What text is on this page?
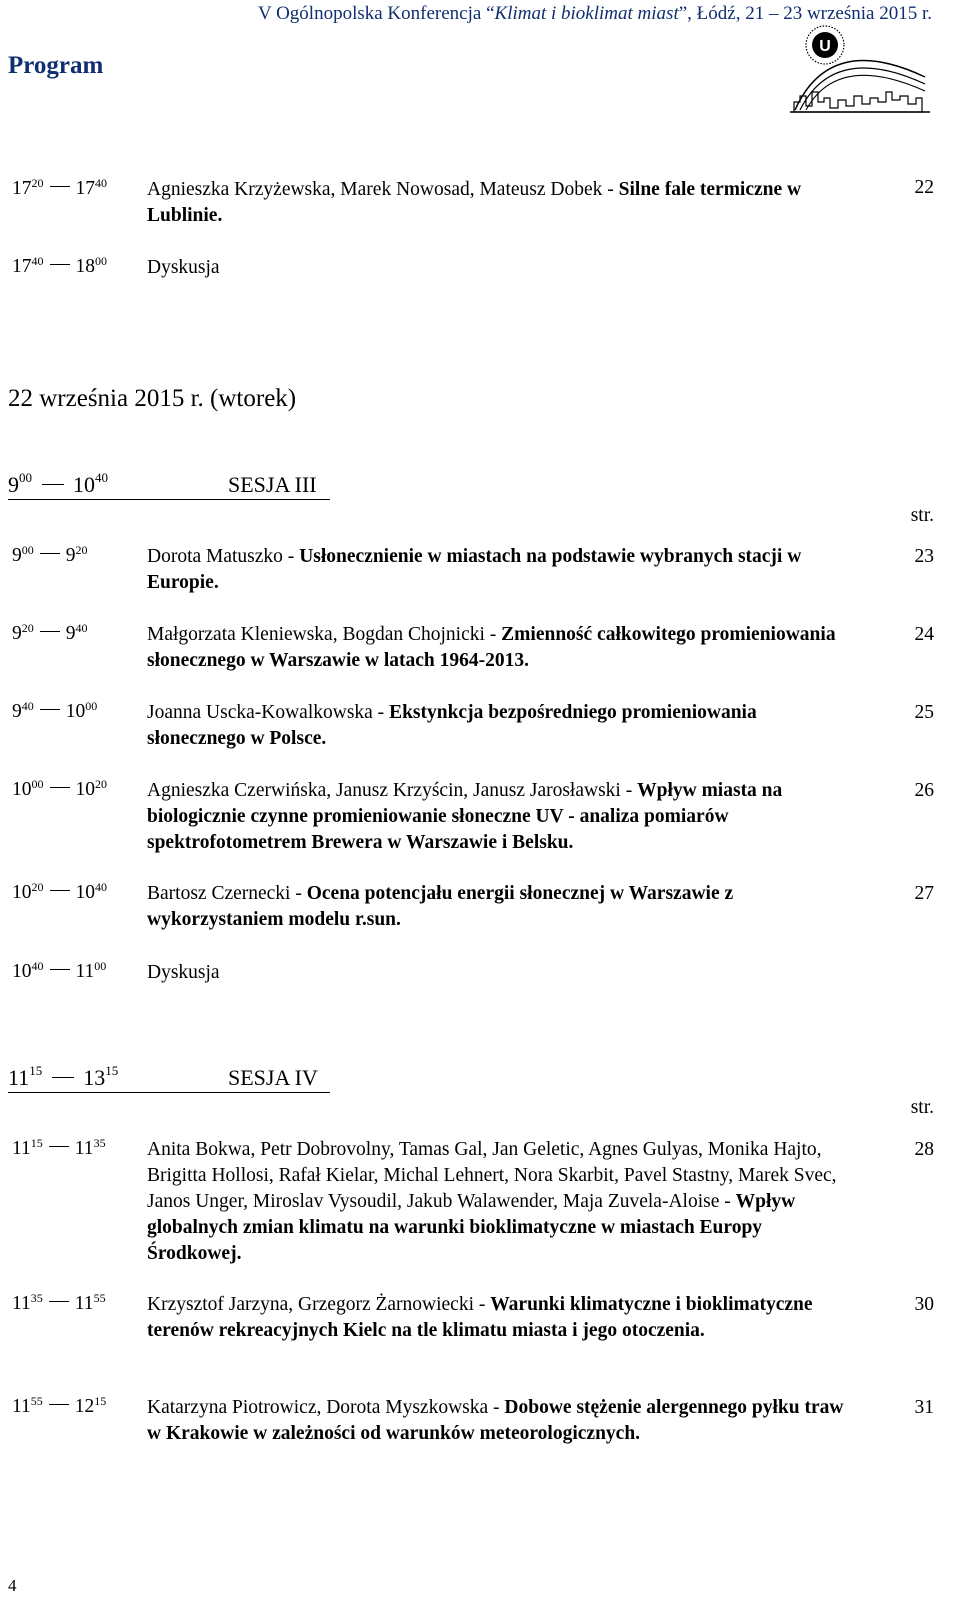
V Ogólnopolska Konferencja “Klimat i bioklimat miast”, Łódź, 21 – 23 września 2015 r.
Program
U
$17^{20}$ $17^{40}$ Agnieszka Krzyżewska, Marek Nowosad, Mateusz Dobek - Silne fale termiczne w Lublinie.
22
$17^{40}$ $18^{00}$ Dyskusja
22 września 2015 r. (wtorek)
$9^{00}$ $10^{40}$	SESJA III
str.
$9^{00}$ $9^{20}$	Dorota Matuszko - Usłonecznienie w miastach na podstawie wybranych stacji w Europie.
23
$9^{20}$ $9^{40}$	Małgorzata Kleniewska, Bogdan Chojnicki - Zmienność całkowitego promieniowania słonecznego w Warszawie w latach 1964-2013.
24
$9^{40}$ $10^{00}$	Joanna Uscka-Kowalkowska - Ekstynkcja bezpośredniego promieniowania słonecznego w Polsce.
25
$10^{00}$ $10^{20}$ Agnieszka Czerwińska, Janusz Krzyścin, Janusz Jarosławski - Wpływ miasta na biologicznie czynne promieniowanie słoneczne UV - analiza pomiarów spektrofotometrem Brewera w Warszawie i Belsku.
26
$10^{20}$ $10^{40}$ Bartosz Czernecki - Ocena potencjału energii słonecznej w Warszawie z wykorzystaniem modelu r.sun.
27
$10^{40}$ $11^{00}$ Dyskusja
$11^{15}$ $13^{15}$	SESJA IV
str.
$11^{15}$ $11^{35}$ Anita Bokwa, Petr Dobrovolny, Tamas Gal, Jan Geletic, Agnes Gulyas, Monika Hajto, Brigitta Hollosi, Rafał Kielar, Michal Lehnert, Nora Skarbit, Pavel Stastny, Marek Svec, Janos Unger, Miroslav Vysoudil, Jakub Walawender, Maja Zuvela-Aloise - Wpływ globalnych zmian klimatu na warunki bioklimatyczne w miastach Europy Środkowej.
28
$11^{35}$ $11^{55}$ Krzysztof Jarzyna, Grzegorz Żarnowiecki - Warunki klimatyczne i bioklimatyczne terenów rekreacyjnych Kielc na tle klimatu miasta i jego otoczenia.
30
$11^{55}$ $12^{15}$ Katarzyna Piotrowicz, Dorota Myszkowska - Dobowe stężenie alergennego pyłku traw w Krakowie w zależności od warunków meteorologicznych.
31
4
